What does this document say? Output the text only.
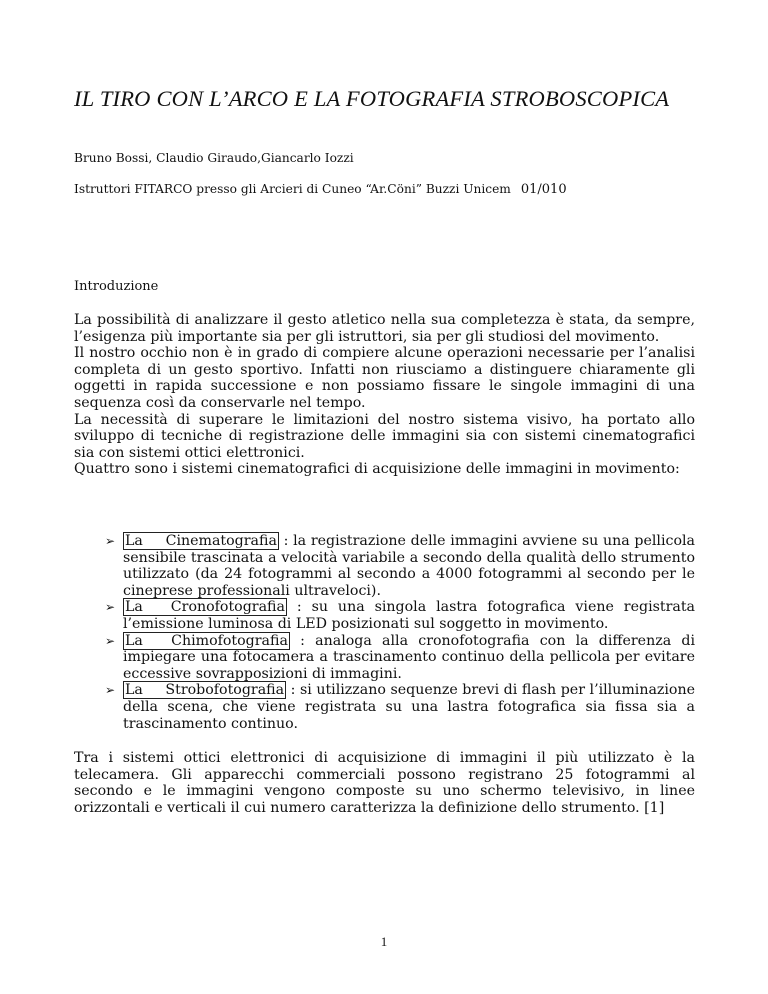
IL TIRO CON L’ARCO E LA FOTOGRAFIA STROBOSCOPICA
Bruno Bossi, Claudio Giraudo,Giancarlo Iozzi
Istruttori FITARCO presso gli Arcieri di Cuneo “Ar.Cöni” Buzzi Unicem 01/010
Introduzione

La possibilità di analizzare il gesto atletico nella sua completezza è stata, da sempre, l’esigenza più importante sia per gli istruttori, sia per gli studiosi del movimento.

Il nostro occhio non è in grado di compiere alcune operazioni necessarie per l’analisi completa di un gesto sportivo. Infatti non riusciamo a distinguere chiaramente gli oggetti in rapida successione e non possiamo fissare le singole immagini di una sequenza così da conservarle nel tempo.

La necessità di superare le limitazioni del nostro sistema visivo, ha portato allo sviluppo di tecniche di registrazione delle immagini sia con sistemi cinematografici sia con sistemi ottici elettronici.

Quattro sono i sistemi cinematografici di acquisizione delle immagini in movimento:

➢ La Cinematografia : la registrazione delle immagini avviene su una pellicola sensibile trascinata a velocità variabile a secondo della qualità dello strumento utilizzato (da 24 fotogrammi al secondo a 4000 fotogrammi al secondo per le cineprese professionali ultraveloci).
➢ La Cronofotografia : su una singola lastra fotografica viene registrata l’emissione luminosa di LED posizionati sul soggetto in movimento.
➢ La Chimofotografia : analoga alla cronofotografia con la differenza di impiegare una fotocamera a trascinamento continuo della pellicola per evitare eccessive sovrapposizioni di immagini.
➢ La Strobofotografia : si utilizzano sequenze brevi di flash per l’illuminazione della scena, che viene registrata su una lastra fotografica sia fissa sia a trascinamento continuo.
Tra i sistemi ottici elettronici di acquisizione di immagini il più utilizzato è la telecamera. Gli apparecchi commerciali possono registrano 25 fotogrammi al secondo e le immagini vengono composte su uno schermo televisivo, in linee orizzontali e verticali il cui numero caratterizza la definizione dello strumento. [1]
1
